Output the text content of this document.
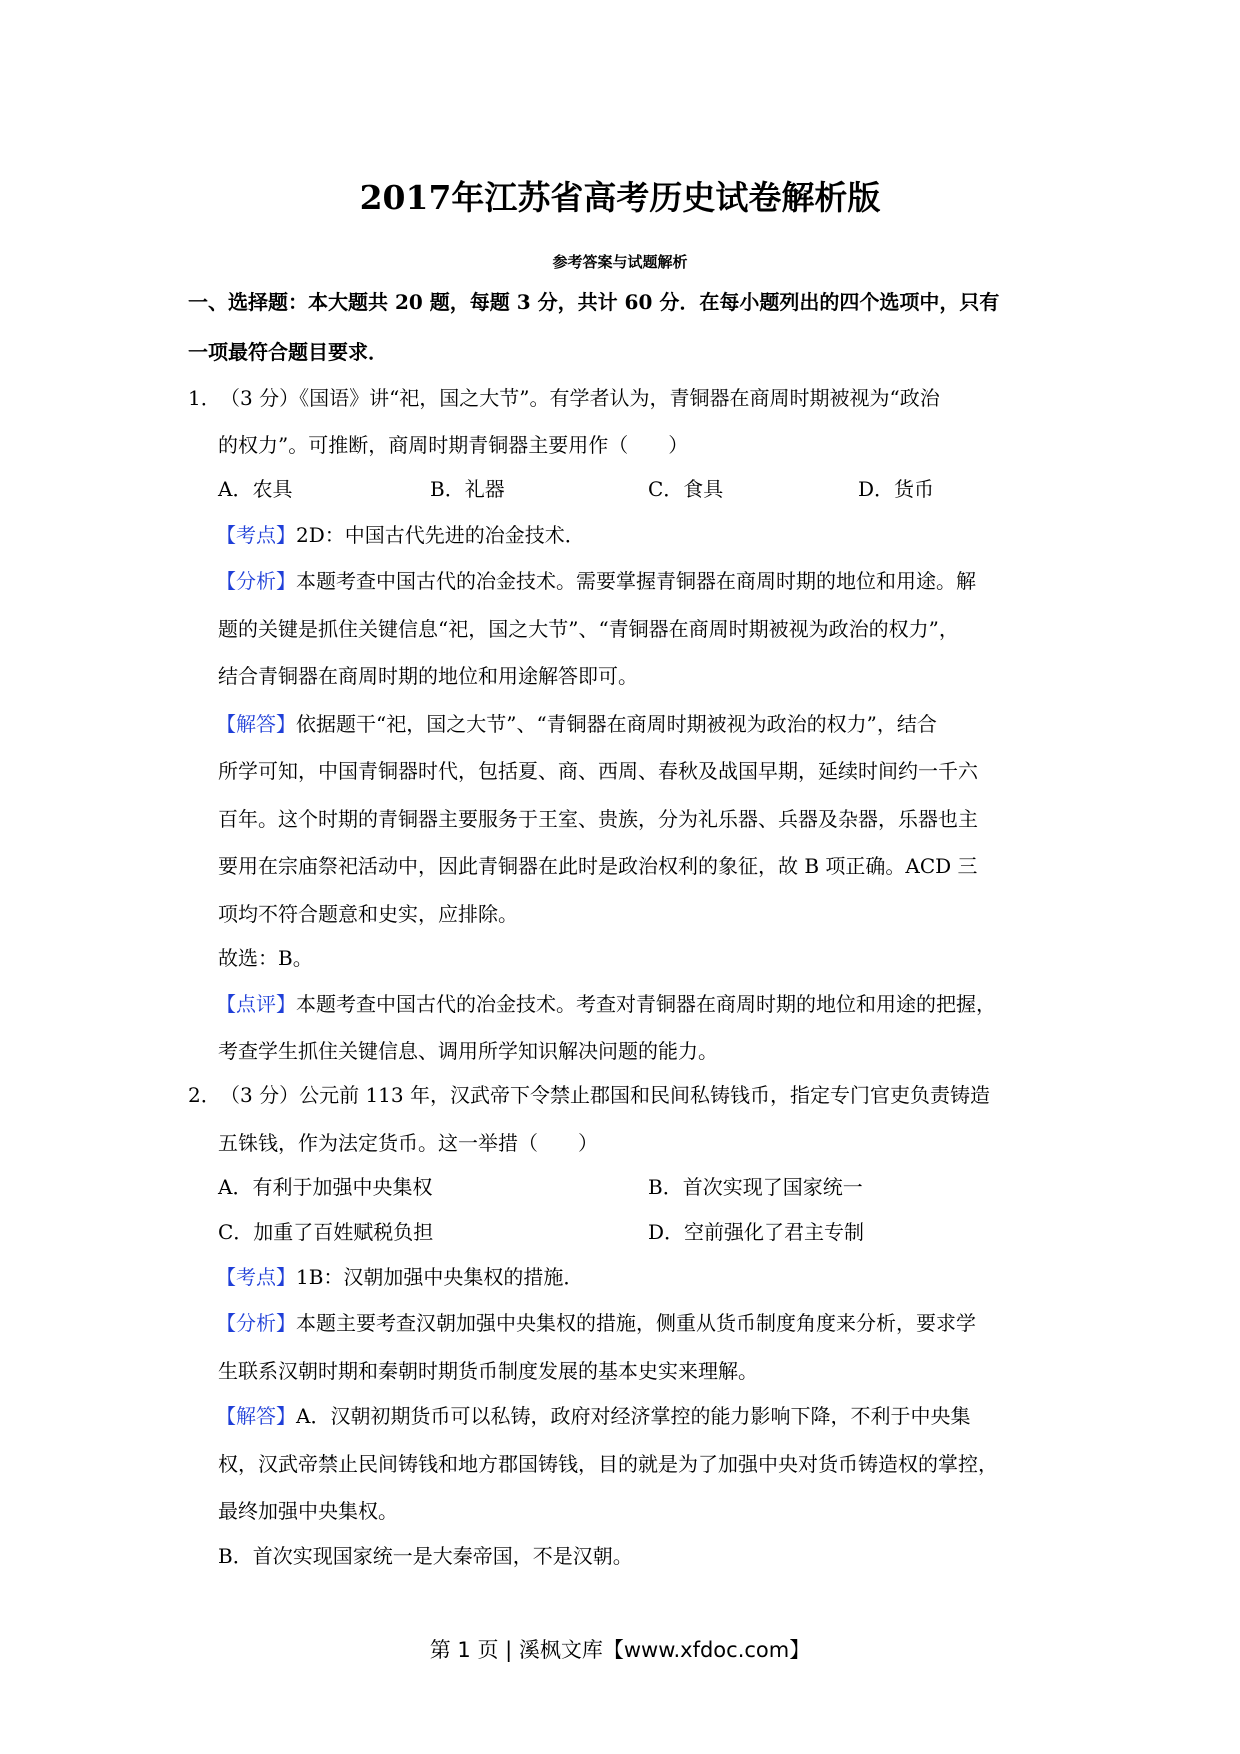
2017年江苏省高考历史试卷解析版
参考答案与试题解析
一、选择题：本大题共 20 题，每题 3 分，共计 60 分．在每小题列出的四个选项中，只有
一项最符合题目要求．
1． （3 分）《国语》讲“祀，国之大节”。有学者认为，青铜器在商周时期被视为“政治
的权力”。可推断，商周时期青铜器主要用作（　　）
A．农具	B．礼器	C．食具	D．货币
【考点】2D：中国古代先进的冶金技术．
【分析】本题考查中国古代的冶金技术。需要掌握青铜器在商周时期的地位和用途。解
题的关键是抓住关键信息“祀，国之大节”、“青铜器在商周时期被视为政治的权力”，
结合青铜器在商周时期的地位和用途解答即可。
【解答】依据题干“祀，国之大节”、“青铜器在商周时期被视为政治的权力”，结合
所学可知，中国青铜器时代，包括夏、商、西周、春秋及战国早期，延续时间约一千六
百年。这个时期的青铜器主要服务于王室、贵族，分为礼乐器、兵器及杂器，乐器也主
要用在宗庙祭祀活动中，因此青铜器在此时是政治权利的象征，故 B 项正确。ACD 三
项均不符合题意和史实，应排除。
故选：B。
【点评】本题考查中国古代的冶金技术。考查对青铜器在商周时期的地位和用途的把握，
考查学生抓住关键信息、调用所学知识解决问题的能力。
2． （3 分）公元前 113 年，汉武帝下令禁止郡国和民间私铸钱币，指定专门官吏负责铸造
五铢钱，作为法定货币。这一举措（　　）
A．有利于加强中央集权	B．首次实现了国家统一
C．加重了百姓赋税负担	D．空前强化了君主专制
【考点】1B：汉朝加强中央集权的措施．
【分析】本题主要考查汉朝加强中央集权的措施，侧重从货币制度角度来分析，要求学
生联系汉朝时期和秦朝时期货币制度发展的基本史实来理解。
【解答】A．汉朝初期货币可以私铸，政府对经济掌控的能力影响下降，不利于中央集
权，汉武帝禁止民间铸钱和地方郡国铸钱，目的就是为了加强中央对货币铸造权的掌控，
最终加强中央集权。
B．首次实现国家统一是大秦帝国，不是汉朝。
第 1 页 | 溪枫文库【www.xfdoc.com】
